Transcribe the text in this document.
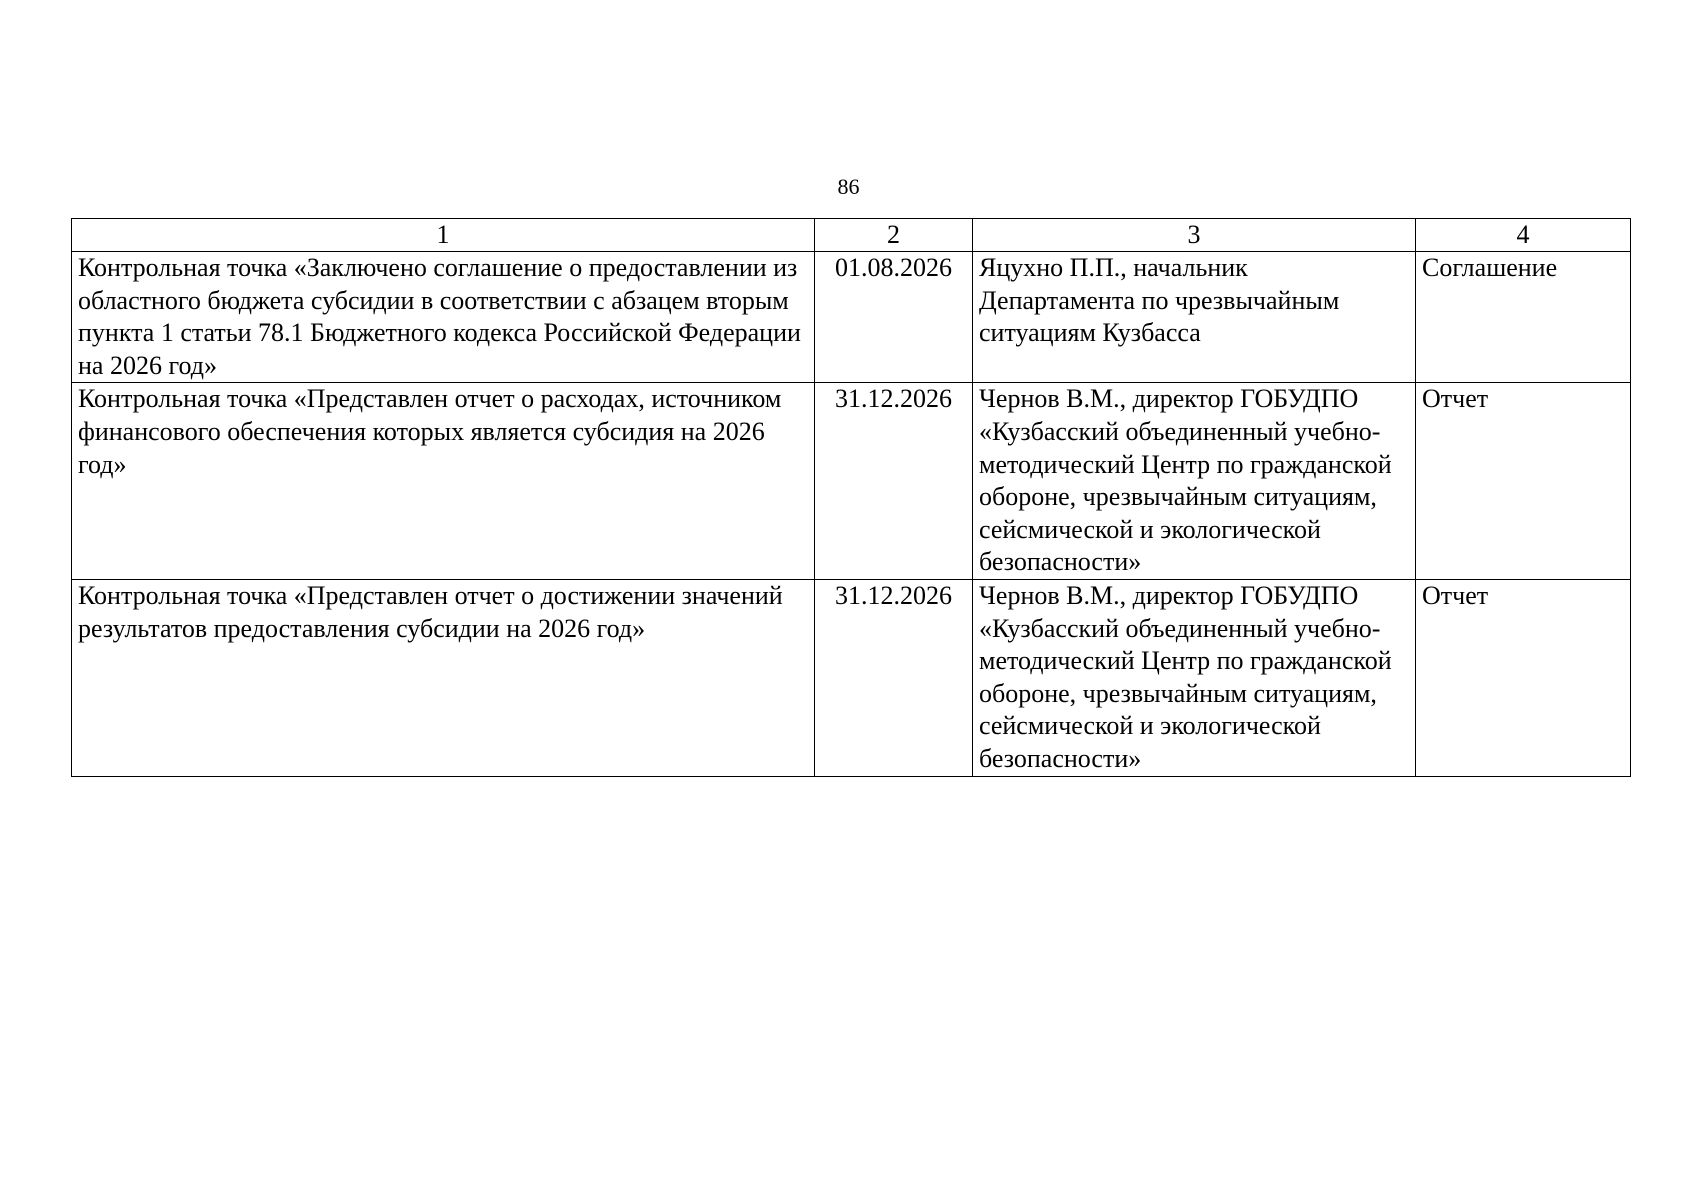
86
1	2	3	4
Контрольная точка «Заключено соглашение о предоставлении из областного бюджета субсидии в соответствии с абзацем вторым пункта 1 статьи 78.1 Бюджетного кодекса Российской Федерации на 2026 год»	01.08.2026	Яцухно П.П., начальник Департамента по чрезвычайным ситуациям Кузбасса	Соглашение
Контрольная точка «Представлен отчет о расходах, источником финансового обеспечения которых является субсидия на 2026 год»	31.12.2026	Чернов В.М., директор ГОБУДПО «Кузбасский объединенный учебно-методический Центр по гражданской обороне, чрезвычайным ситуациям, сейсмической и экологической безопасности»	Отчет
Контрольная точка «Представлен отчет о достижении значений результатов предоставления субсидии на 2026 год»	31.12.2026	Чернов В.М., директор ГОБУДПО «Кузбасский объединенный учебно-методический Центр по гражданской обороне, чрезвычайным ситуациям, сейсмической и экологической безопасности»	Отчет
